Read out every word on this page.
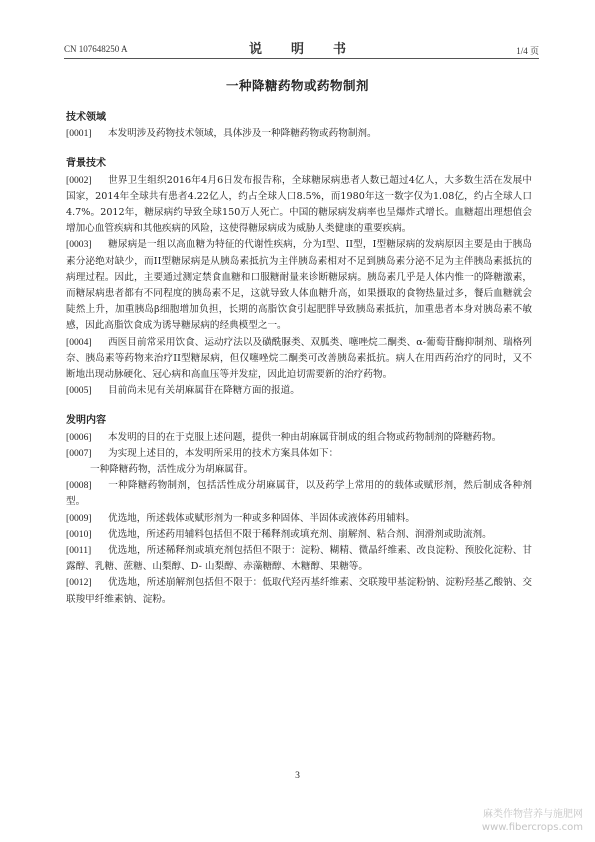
CN 107648250 A	说　明　书	1/4 页
一种降糖药物或药物制剂

技术领域

[0001] 本发明涉及药物技术领域，具体涉及一种降糖药物或药物制剂。

背景技术

[0002] 世界卫生组织2016年4月6日发布报告称，全球糖尿病患者人数已超过4亿人，大多数生活在发展中国家，2014年全球共有患者4.22亿人，约占全球人口8.5%，而1980年这一数字仅为1.08亿，约占全球人口4.7%。2012年，糖尿病约导致全球150万人死亡。中国的糖尿病发病率也呈爆炸式增长。血糖超出理想值会增加心血管疾病和其他疾病的风险，这使得糖尿病成为威胁人类健康的重要疾病。

[0003] 糖尿病是一组以高血糖为特征的代谢性疾病，分为I型、II型，I型糖尿病的发病原因主要是由于胰岛素分泌绝对缺少，而II型糖尿病是从胰岛素抵抗为主伴胰岛素相对不足到胰岛素分泌不足为主伴胰岛素抵抗的病理过程。因此，主要通过测定禁食血糖和口服糖耐量来诊断糖尿病。胰岛素几乎是人体内惟一的降糖激素，而糖尿病患者都有不同程度的胰岛素不足，这就导致人体血糖升高，如果摄取的食物热量过多，餐后血糖就会陡然上升，加重胰岛β细胞增加负担，长期的高脂饮食引起肥胖导致胰岛素抵抗，加重患者本身对胰岛素不敏感，因此高脂饮食成为诱导糖尿病的经典模型之一。

[0004] 西医目前常采用饮食、运动疗法以及磺酰脲类、双胍类、噻唑烷二酮类、α-葡萄苷酶抑制剂、瑞格列奈、胰岛素等药物来治疗II型糖尿病，但仅噻唑烷二酮类可改善胰岛素抵抗。病人在用西药治疗的同时，又不断地出现动脉硬化、冠心病和高血压等并发症，因此迫切需要新的治疗药物。

[0005] 目前尚未见有关胡麻属苷在降糖方面的报道。

发明内容

[0006] 本发明的目的在于克服上述问题，提供一种由胡麻属苷制成的组合物或药物制剂的降糖药物。

[0007] 为实现上述目的，本发明所采用的技术方案具体如下：

一种降糖药物，活性成分为胡麻属苷。

[0008] 一种降糖药物制剂，包括活性成分胡麻属苷，以及药学上常用的的载体或赋形剂，然后制成各种剂型。

[0009] 优选地，所述载体或赋形剂为一种或多种固体、半固体或液体药用辅料。

[0010] 优选地，所述药用辅料包括但不限于稀释剂或填充剂、崩解剂、粘合剂、润滑剂或助流剂。

[0011] 优选地，所述稀释剂或填充剂包括但不限于：淀粉、糊精、微晶纤维素、改良淀粉、预胶化淀粉、甘露醇、乳糖、蔗糖、山梨醇、D- 山梨醇、赤藻糖醇、木糖醇、果糖等。

[0012] 优选地，所述崩解剂包括但不限于：低取代羟丙基纤维素、交联羧甲基淀粉钠、淀粉羟基乙酸钠、交联羧甲纤维素钠、淀粉。

3
麻类作物营养与施肥网
www.fibercrops.com
